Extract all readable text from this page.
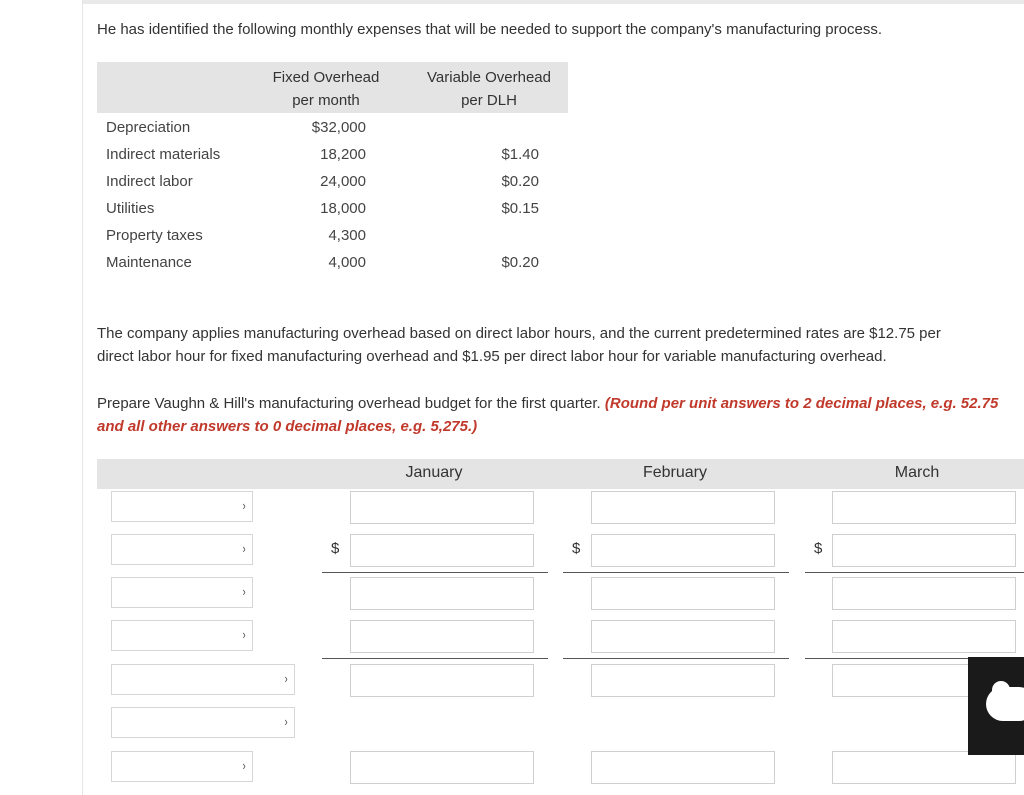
He has identified the following monthly expenses that will be needed to support the company's manufacturing process.
Fixed Overhead
per month
Variable Overhead
per DLH
Depreciation	$32,000
Indirect materials	18,200	$1.40
Indirect labor	24,000	$0.20
Utilities	18,000	$0.15
Property taxes	4,300
Maintenance	4,000	$0.20
The company applies manufacturing overhead based on direct labor hours, and the current predetermined rates are $12.75 per
direct labor hour for fixed manufacturing overhead and $1.95 per direct labor hour for variable manufacturing overhead.
Prepare Vaughn & Hill's manufacturing overhead budget for the first quarter. (Round per unit answers to 2 decimal places, e.g. 52.75
and all other answers to 0 decimal places, e.g. 5,275.)
January	February	March
›
›	$	$	$
›
›
›
›
›
